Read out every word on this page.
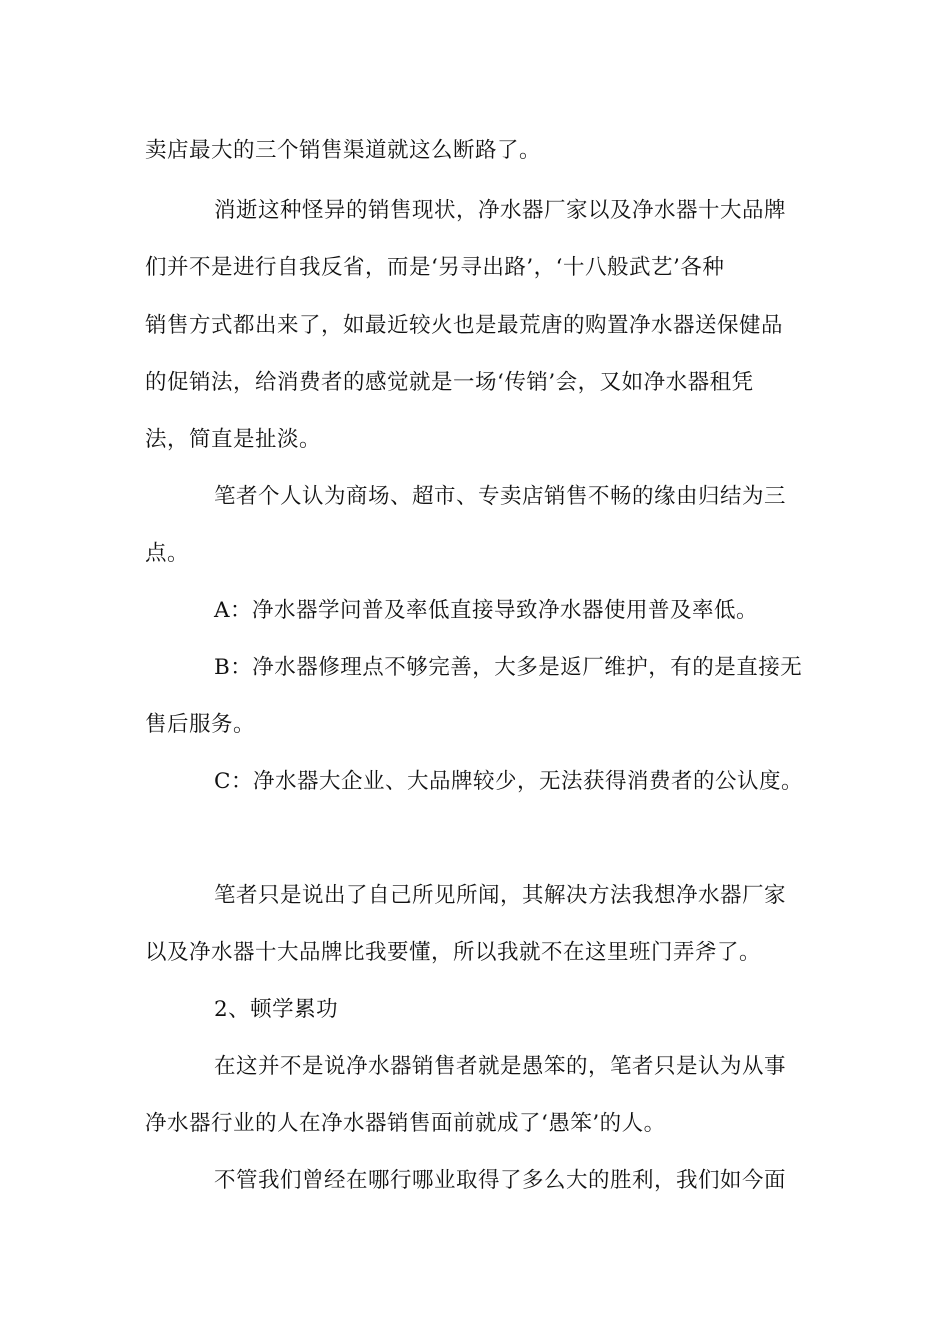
卖店最大的三个销售渠道就这么断路了。
消逝这种怪异的销售现状，净水器厂家以及净水器十大品牌
们并不是进行自我反省，而是‘另寻出路’，‘十八般武艺’各种
销售方式都出来了，如最近较火也是最荒唐的购置净水器送保健品
的促销法，给消费者的感觉就是一场‘传销’会，又如净水器租凭
法，简直是扯淡。
笔者个人认为商场、超市、专卖店销售不畅的缘由归结为三
点。
A：净水器学问普及率低直接导致净水器使用普及率低。
B：净水器修理点不够完善，大多是返厂维护，有的是直接无
售后服务。
C：净水器大企业、大品牌较少，无法获得消费者的公认度。
笔者只是说出了自己所见所闻，其解决方法我想净水器厂家
以及净水器十大品牌比我要懂，所以我就不在这里班门弄斧了。
2、顿学累功
在这并不是说净水器销售者就是愚笨的，笔者只是认为从事
净水器行业的人在净水器销售面前就成了‘愚笨’的人。
不管我们曾经在哪行哪业取得了多么大的胜利，我们如今面
